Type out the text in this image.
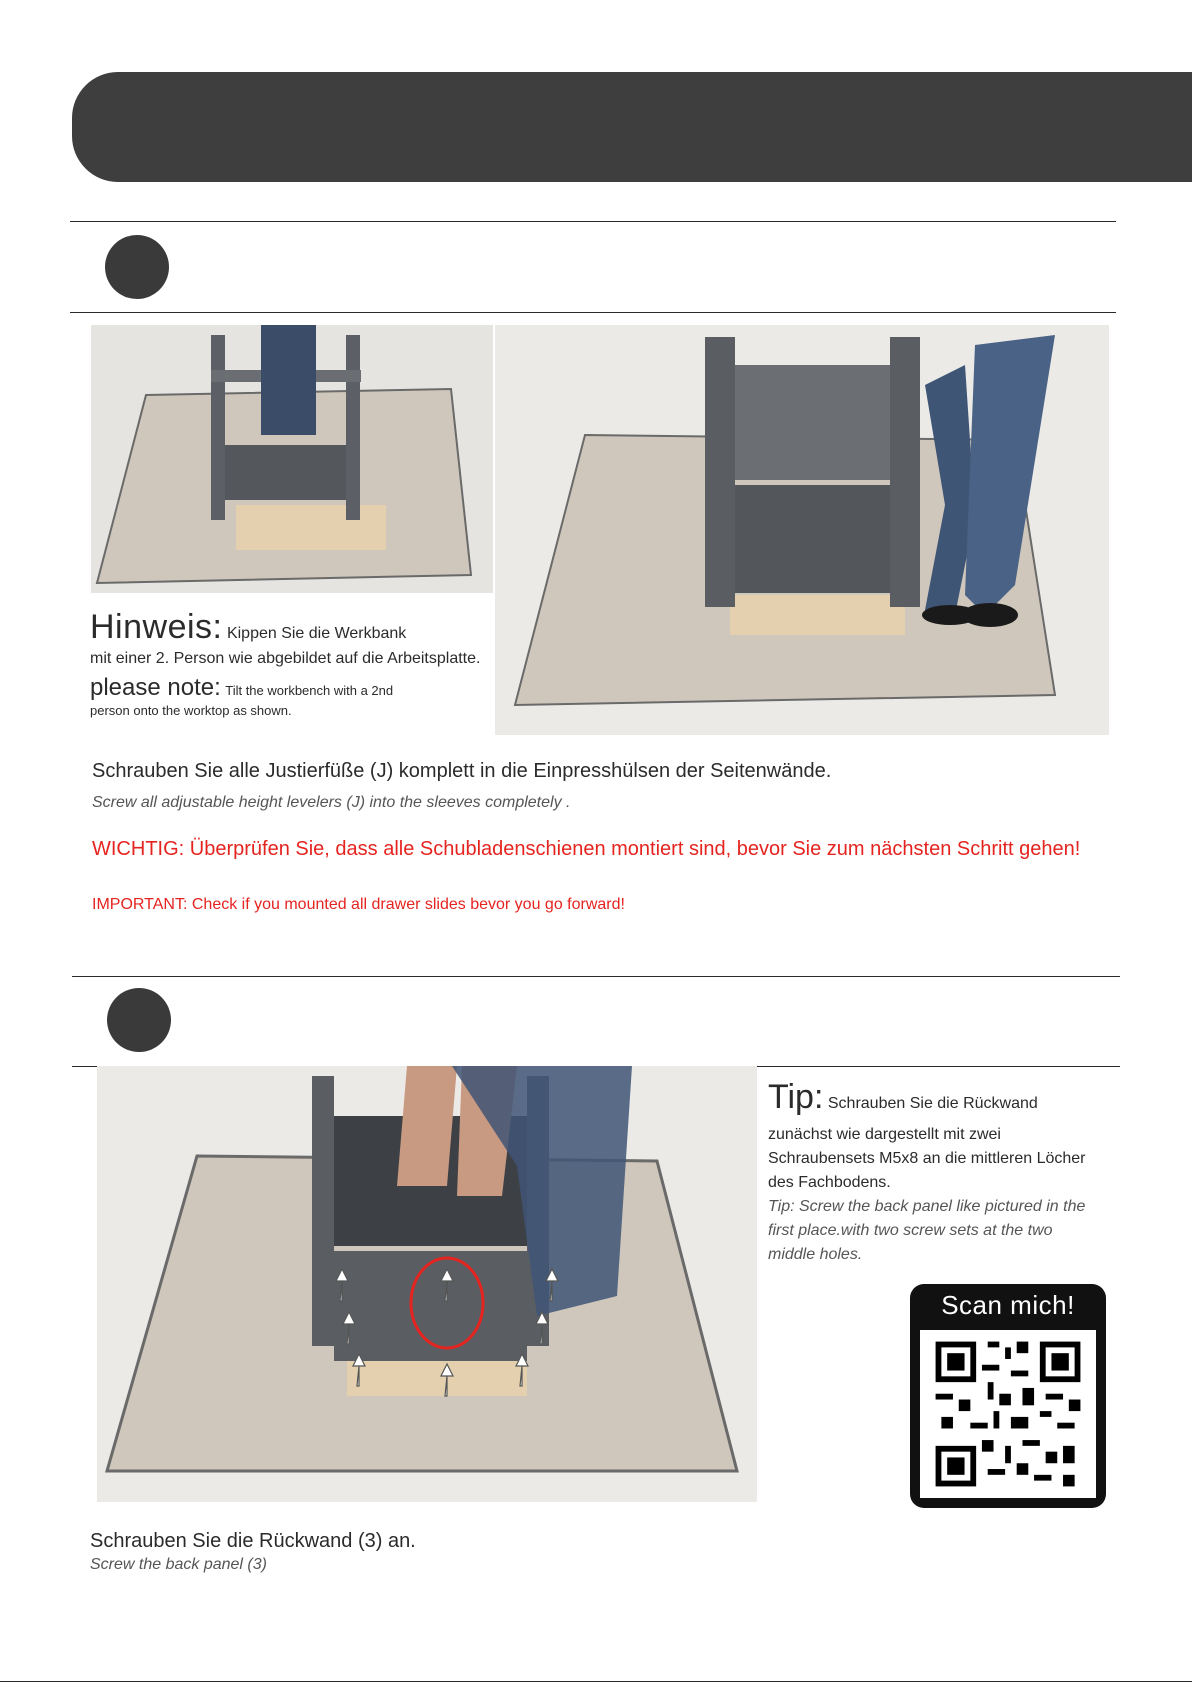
Hinweis: Kippen Sie die Werkbank
mit einer 2. Person wie abgebildet auf die Arbeitsplatte.
please note: Tilt the workbench with a 2nd
person onto the worktop as shown.
Schrauben Sie alle Justierfüße (J) komplett in die Einpresshülsen der Seitenwände.
Screw all adjustable height levelers (J) into the sleeves completely .
WICHTIG: Überprüfen Sie, dass alle Schubladenschienen montiert sind, bevor Sie zum nächsten Schritt gehen!
IMPORTANT: Check if you mounted all drawer slides bevor you go forward!
Tip: Schrauben Sie die Rückwand
zunächst wie dargestellt mit zwei Schraubensets M5x8 an die mittleren Löcher des Fachbodens.
Tip: Screw the back panel like pictured in the first place.with two screw sets at the two middle holes.
Scan mich!
Schrauben Sie die Rückwand (3) an.
Screw the back panel (3)
